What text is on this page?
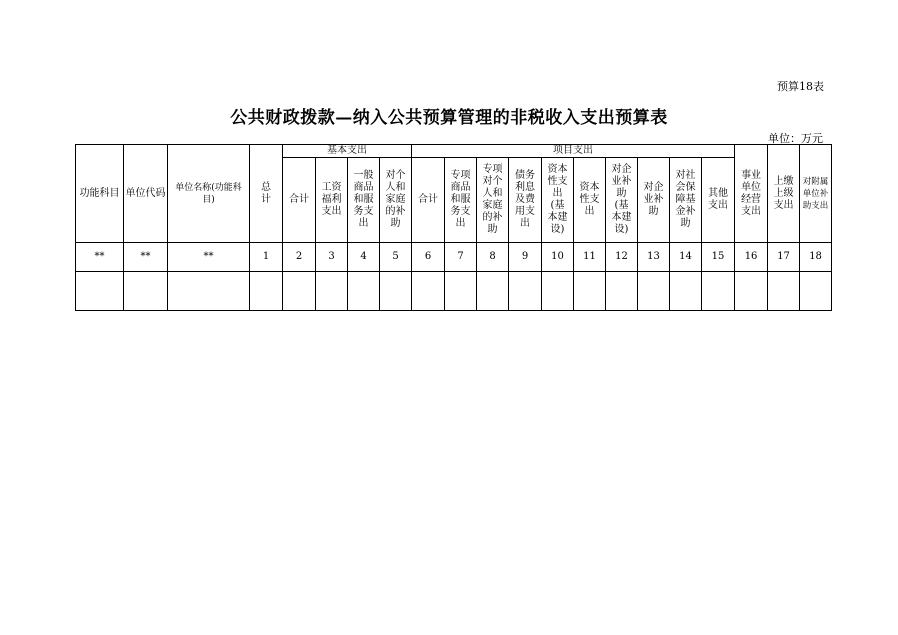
预算18表
公共财政拨款—纳入公共预算管理的非税收入支出预算表
单位：万元
功能科目	单位代码	单位名称(功能科目)	总计	基本支出				项目支出										事业单位经营支出	上缴上级支出	对附属单位补助支出
				合计	工资福利支出	一般商品和服务支出	对个人和家庭的补助	合计	专项商品和服务支出	专项对个人和家庭的补助	债务利息及费用支出	资本性支出(基本建设)	资本性支出	对企业补助(基本建设)	对企业补助	对社会保障基金补助	其他支出			
**	**	**	1	2	3	4	5	6	7	8	9	10	11	12	13	14	15	16	17	18
